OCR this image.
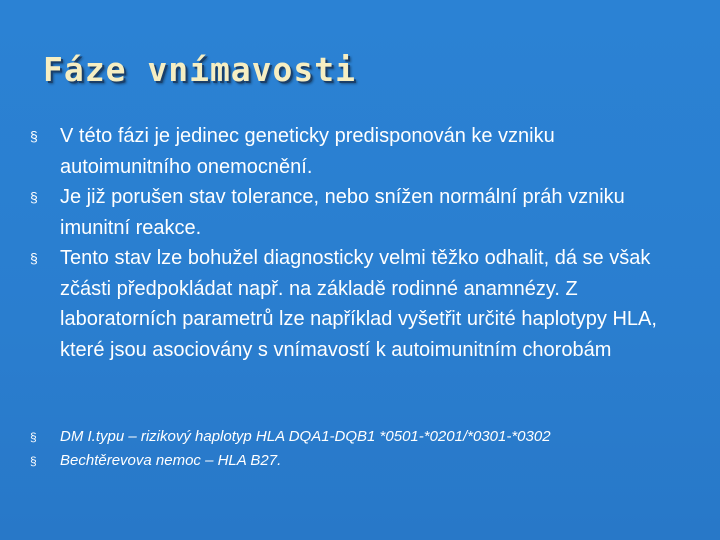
Fáze vnímavosti
§	V této fázi je jedinec geneticky predisponován ke vzniku autoimunitního onemocnění.
§	Je již porušen stav tolerance, nebo snížen normální práh vzniku imunitní reakce.
§	Tento stav lze bohužel diagnosticky velmi těžko odhalit, dá se však zčásti předpokládat např. na základě rodinné anamnézy. Z laboratorních parametrů lze například vyšetřit určité haplotypy HLA, které jsou asociovány s vnímavostí k autoimunitním chorobám
§	DM I.typu – rizikový haplotyp HLA DQA1-DQB1 *0501-*0201/*0301-*0302
§	Bechtěrevova nemoc – HLA B27.
